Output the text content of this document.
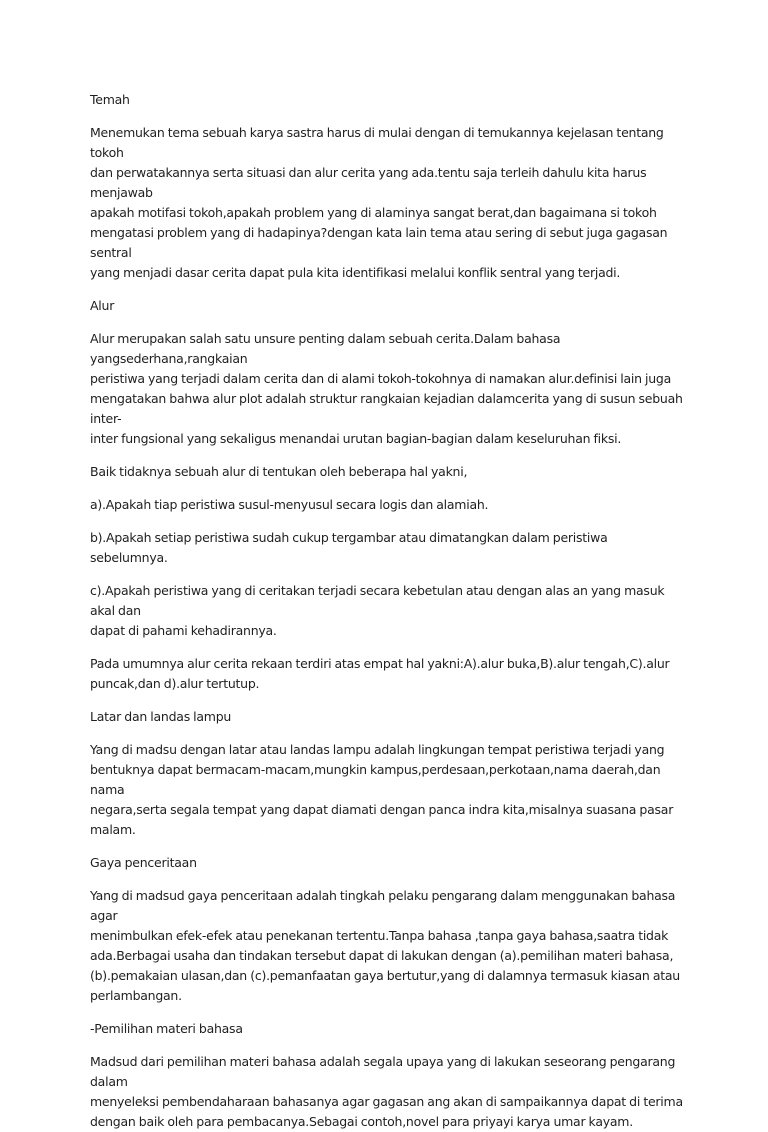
Temah
Menemukan tema sebuah karya sastra harus di mulai dengan di temukannya kejelasan tentang tokoh
dan perwatakannya serta situasi dan alur cerita yang ada.tentu saja terleih dahulu kita harus menjawab
apakah motifasi tokoh,apakah problem yang di alaminya sangat berat,dan bagaimana si tokoh
mengatasi problem yang di hadapinya?dengan kata lain tema atau sering di sebut juga gagasan sentral
yang menjadi dasar cerita dapat pula kita identifikasi melalui konflik sentral yang terjadi.
Alur
Alur merupakan salah satu unsure penting dalam sebuah cerita.Dalam bahasa yangsederhana,rangkaian
peristiwa yang terjadi dalam cerita dan di alami tokoh-tokohnya di namakan alur.definisi lain juga
mengatakan bahwa alur plot adalah struktur rangkaian kejadian dalamcerita yang di susun sebuah inter-
inter fungsional yang sekaligus menandai urutan bagian-bagian dalam keseluruhan fiksi.
Baik tidaknya sebuah alur di tentukan oleh beberapa hal yakni,
a).Apakah tiap peristiwa susul-menyusul secara logis dan alamiah.
b).Apakah setiap peristiwa sudah cukup tergambar atau dimatangkan dalam peristiwa sebelumnya.
c).Apakah peristiwa yang di ceritakan terjadi secara kebetulan atau dengan alas an yang masuk akal dan
dapat di pahami kehadirannya.
Pada umumnya alur cerita rekaan terdiri atas empat hal yakni:A).alur buka,B).alur tengah,C).alur
puncak,dan d).alur tertutup.
Latar dan landas lampu
Yang di madsu dengan latar atau landas lampu adalah lingkungan tempat peristiwa terjadi yang
bentuknya dapat bermacam-macam,mungkin kampus,perdesaan,perkotaan,nama daerah,dan nama
negara,serta segala tempat yang dapat diamati dengan panca indra kita,misalnya suasana pasar malam.
Gaya penceritaan
Yang di madsud gaya penceritaan adalah tingkah pelaku pengarang dalam menggunakan bahasa agar
menimbulkan efek-efek atau penekanan tertentu.Tanpa bahasa ,tanpa gaya bahasa,saatra tidak
ada.Berbagai usaha dan tindakan tersebut dapat di lakukan dengan (a).pemilihan materi bahasa,
(b).pemakaian ulasan,dan (c).pemanfaatan gaya bertutur,yang di dalamnya termasuk kiasan atau
perlambangan.
-Pemilihan materi bahasa
Madsud dari pemilihan materi bahasa adalah segala upaya yang di lakukan seseorang pengarang dalam
menyeleksi pembendaharaan bahasanya agar gagasan ang akan di sampaikannya dapat di terima
dengan baik oleh para pembacanya.Sebagai contoh,novel para priyayi karya umar kayam.
